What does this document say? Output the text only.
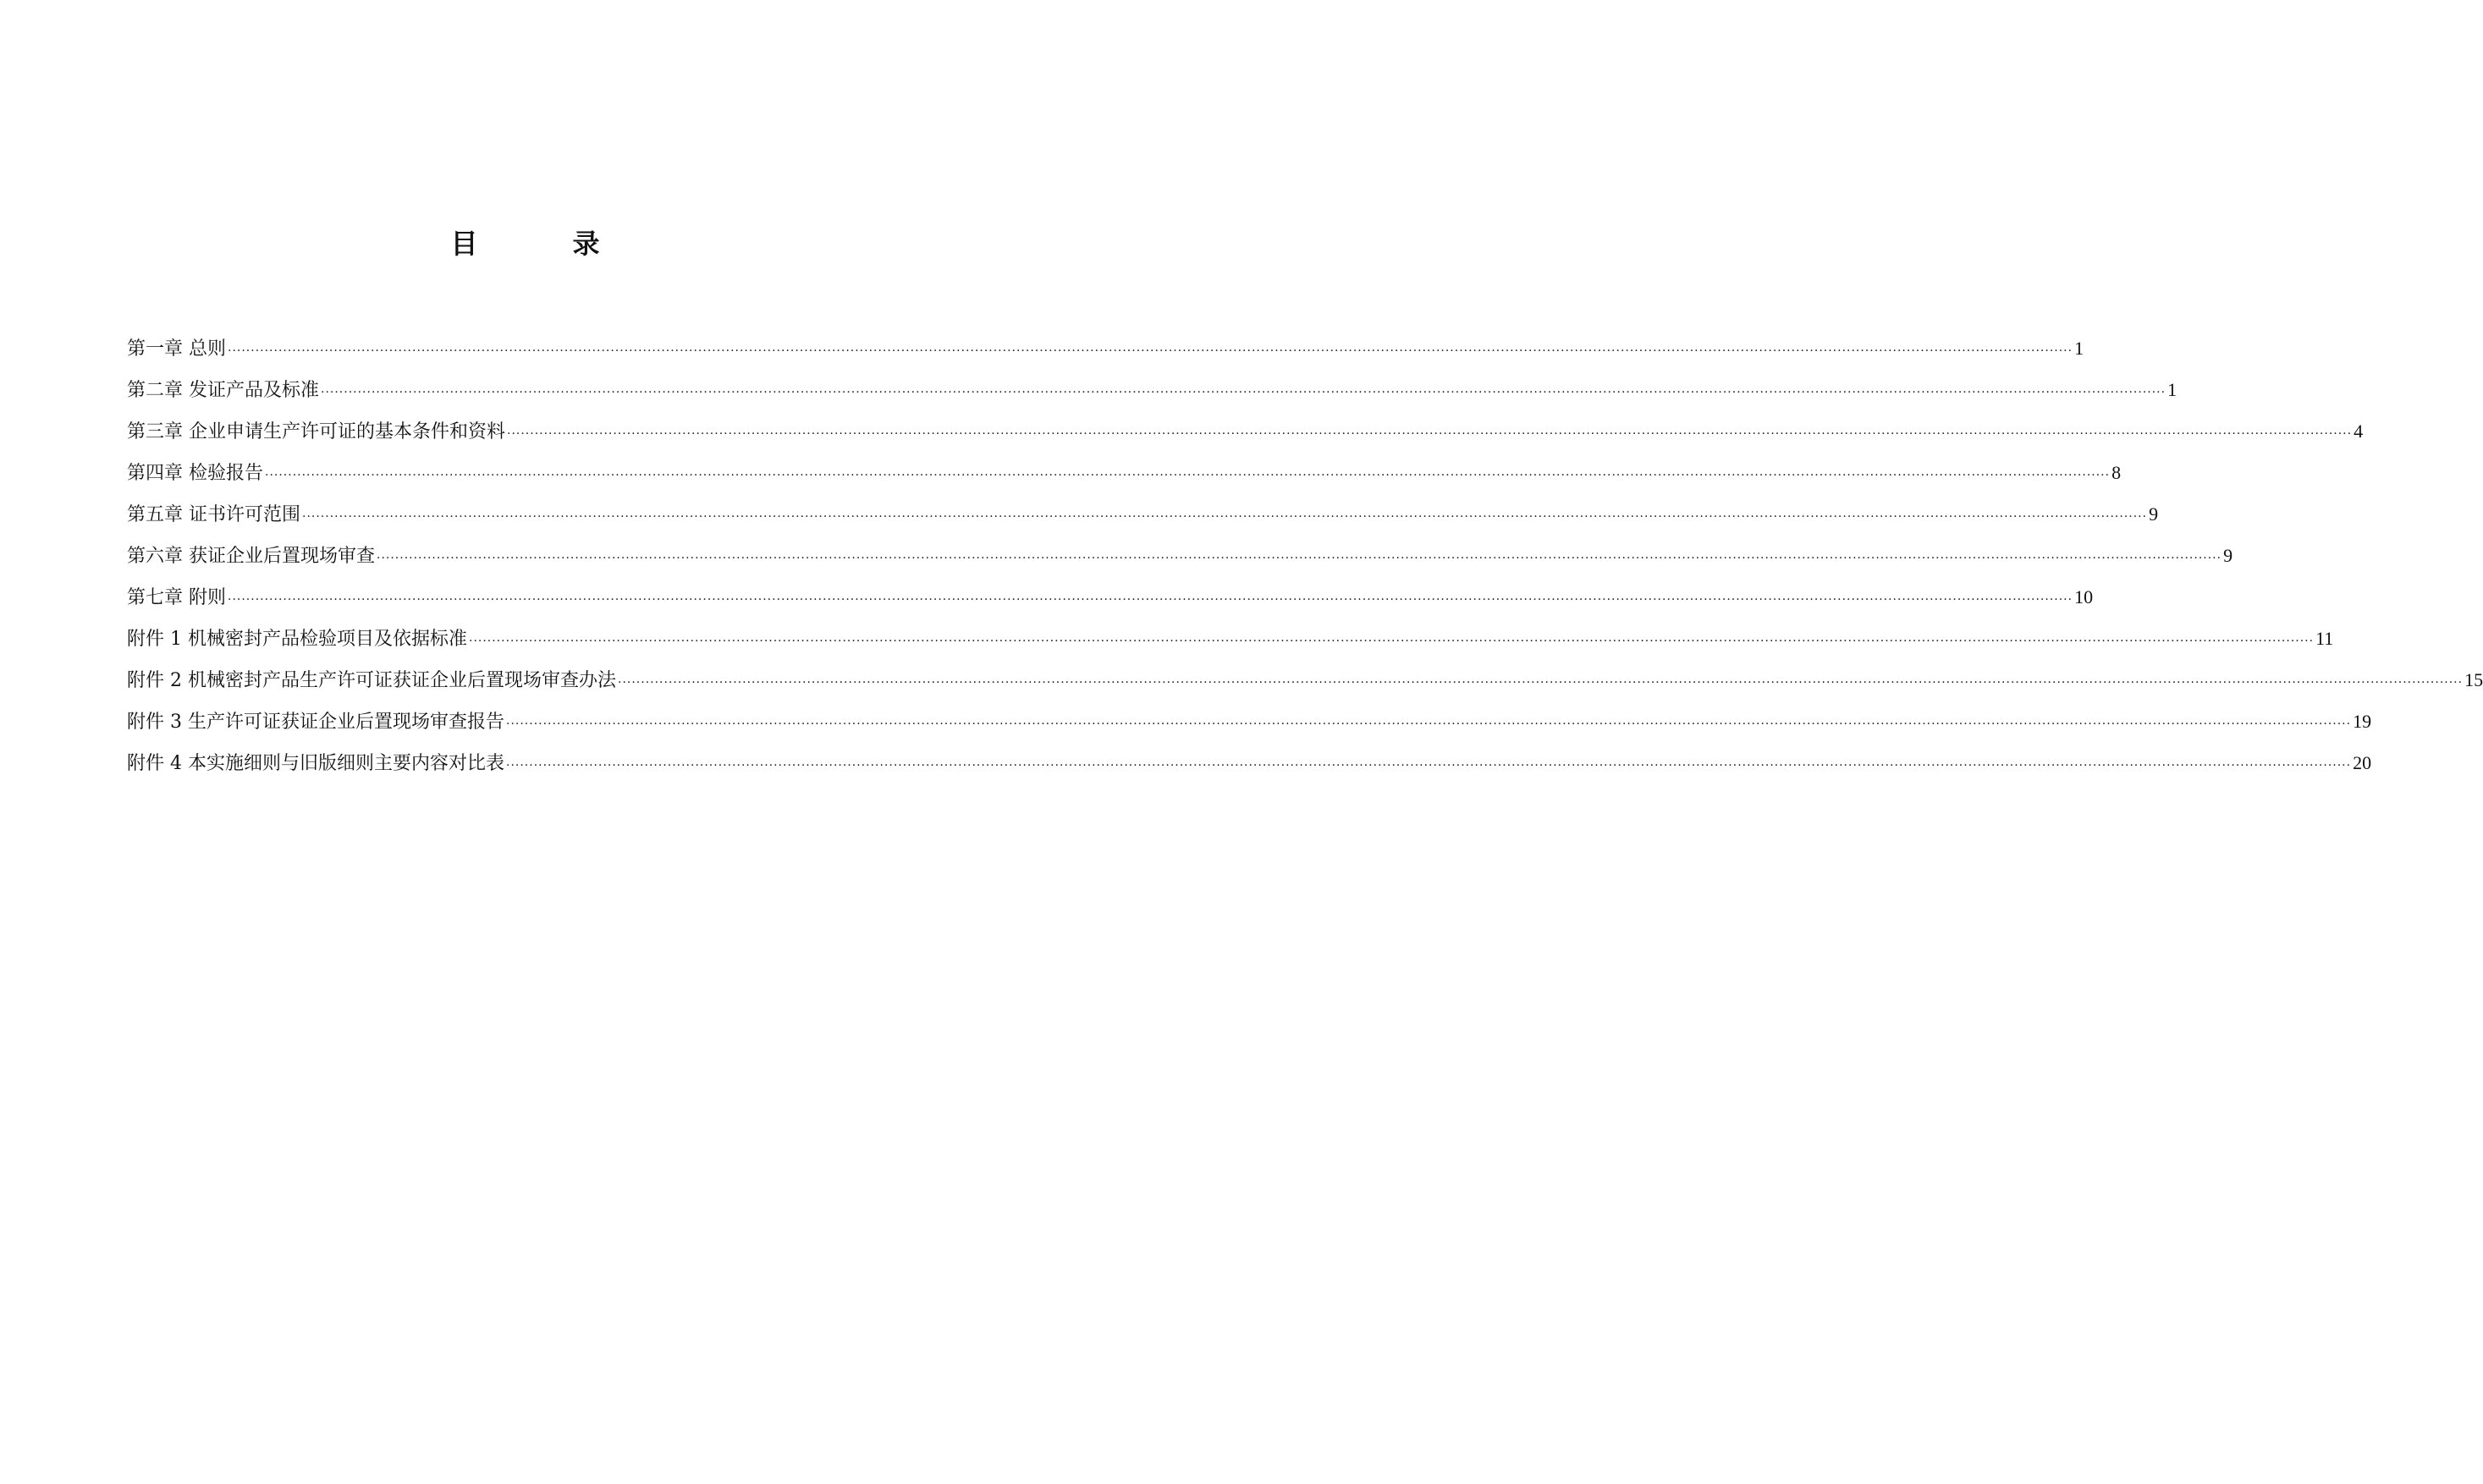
目　录
第一章 总则 ················································································································································································································································································································································································································ 1
第二章 发证产品及标准 ················································································································································································································································································································································································································ 1
第三章 企业申请生产许可证的基本条件和资料 ················································································································································································································································································································································································································ 4
第四章 检验报告 ················································································································································································································································································································································································································ 8
第五章 证书许可范围 ················································································································································································································································································································································································································ 9
第六章 获证企业后置现场审查 ················································································································································································································································································································································································································ 9
第七章 附则 ················································································································································································································································································································································································································ 10
附件 1 机械密封产品检验项目及依据标准 ················································································································································································································································································································································································································ 11
附件 2 机械密封产品生产许可证获证企业后置现场审查办法 ················································································································································································································································································································································································································ 15
附件 3 生产许可证获证企业后置现场审查报告 ················································································································································································································································································································································································································ 19
附件 4 本实施细则与旧版细则主要内容对比表 ················································································································································································································································································································································································································ 20
